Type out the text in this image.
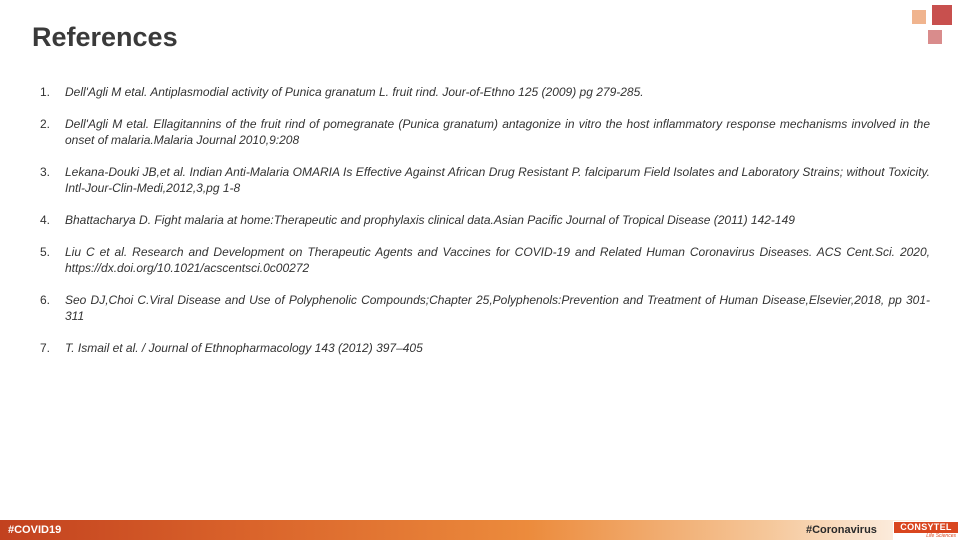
References
1.	Dell'Agli M etal. Antiplasmodial activity of Punica granatum L. fruit rind. Jour-of-Ethno 125 (2009) pg 279-285.
2.	Dell'Agli M etal. Ellagitannins of the fruit rind of pomegranate (Punica granatum) antagonize in vitro the host inflammatory response mechanisms involved in the onset of malaria.Malaria Journal 2010,9:208
3.	Lekana-Douki JB,et al. Indian Anti-Malaria OMARIA Is Effective Against African Drug Resistant P. falciparum Field Isolates and Laboratory Strains; without Toxicity. Intl-Jour-Clin-Medi,2012,3,pg 1-8
4.	Bhattacharya D. Fight malaria at home:Therapeutic and prophylaxis clinical data.Asian Pacific Journal of Tropical Disease (2011) 142-149
5.	Liu C et al. Research and Development on Therapeutic Agents and Vaccines for COVID-19 and Related Human Coronavirus Diseases. ACS Cent.Sci. 2020, https://dx.doi.org/10.1021/acscentsci.0c00272
6.	Seo DJ,Choi C.Viral Disease and Use of Polyphenolic Compounds;Chapter 25,Polyphenols:Prevention and Treatment of Human Disease,Elsevier,2018, pp 301-311
7.	T. Ismail et al. / Journal of Ethnopharmacology 143 (2012) 397–405
#COVID19	#Coronavirus	CONSYTEL
Life Sciences
